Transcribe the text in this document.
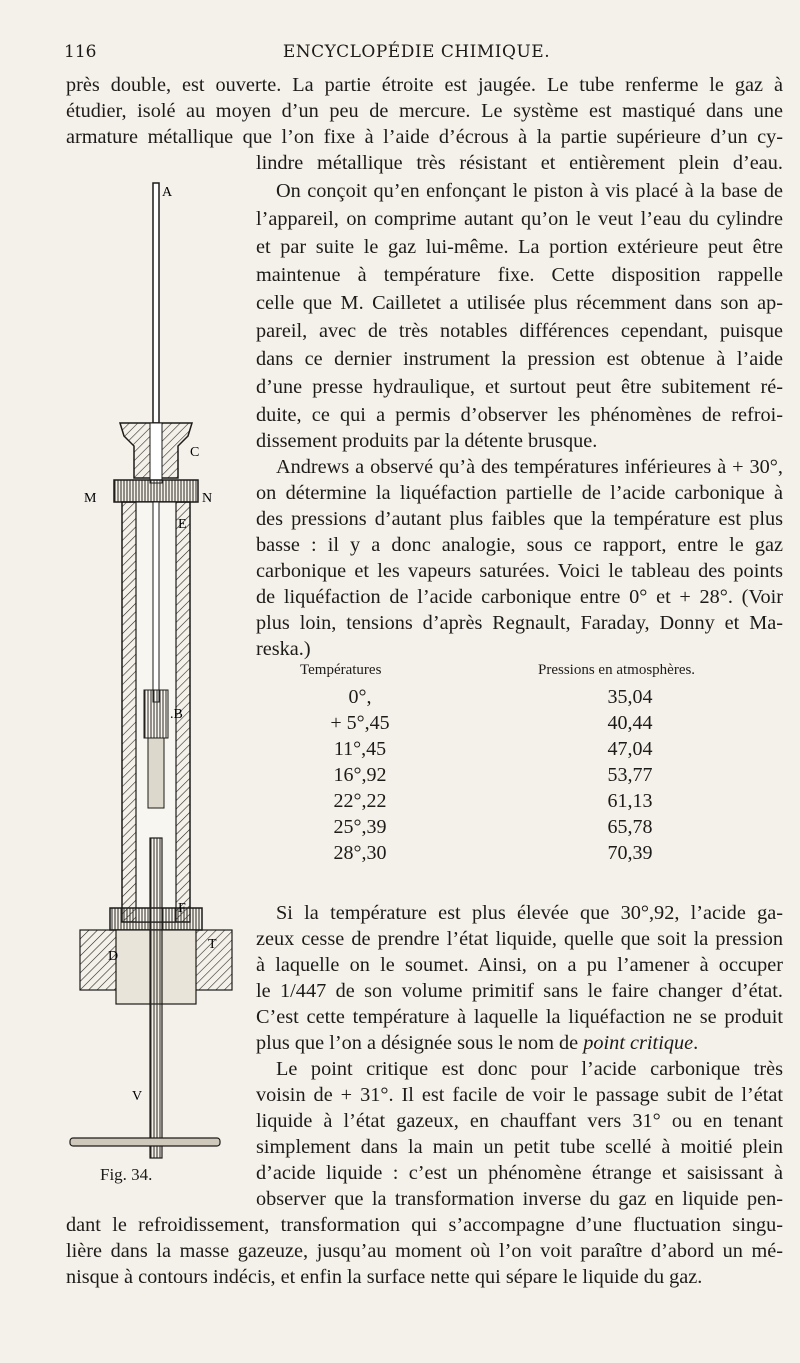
116	ENCYCLOPÉDIE CHIMIQUE.
près double, est ouverte. La partie étroite est jaugée. Le tube renferme le gaz à
étudier, isolé au moyen d’un peu de mercure. Le système est mastiqué dans une
armature métallique que l’on fixe à l’aide d’écrous à la partie supérieure d’un cy-
lindre métallique très résistant et entièrement plein d’eau.
On conçoit qu’en enfonçant le piston à vis placé à la base de
l’appareil, on comprime autant qu’on le veut l’eau du cylindre
et par suite le gaz lui-même. La portion extérieure peut être
maintenue à température fixe. Cette disposition rappelle
celle que M. Cailletet a utilisée plus récemment dans son ap-
pareil, avec de très notables différences cependant, puisque
dans ce dernier instrument la pression est obtenue à l’aide
d’une presse hydraulique, et surtout peut être subitement ré-
duite, ce qui a permis d’observer les phénomènes de refroi-
dissement produits par la détente brusque.
Andrews a observé qu’à des températures inférieures à + 30°,
on détermine la liquéfaction partielle de l’acide carbonique à
des pressions d’autant plus faibles que la température est plus
basse : il y a donc analogie, sous ce rapport, entre le gaz
carbonique et les vapeurs saturées. Voici le tableau des points
de liquéfaction de l’acide carbonique entre 0° et + 28°. (Voir
plus loin, tensions d’après Regnault, Faraday, Donny et Ma-
reska.)
Températures	Pressions en atmosphères.
0°,	35,04
+ 5°,45	40,44
11°,45	47,04
16°,92	53,77
22°,22	61,13
25°,39	65,78
28°,30	70,39
Si la température est plus élevée que 30°,92, l’acide ga-
zeux cesse de prendre l’état liquide, quelle que soit la pression
à laquelle on le soumet. Ainsi, on a pu l’amener à occuper
le 1/447 de son volume primitif sans le faire changer d’état.
C’est cette température à laquelle la liquéfaction ne se produit
plus que l’on a désignée sous le nom de point critique.
Le point critique est donc pour l’acide carbonique très
voisin de + 31°. Il est facile de voir le passage subit de l’état
liquide à l’état gazeux, en chauffant vers 31° ou en tenant
simplement dans la main un petit tube scellé à moitié plein
d’acide liquide : c’est un phénomène étrange et saisissant à
observer que la transformation inverse du gaz en liquide pen-
dant le refroidissement, transformation qui s’accompagne d’une fluctuation singu-
lière dans la masse gazeuze, jusqu’au moment où l’on voit paraître d’abord un mé-
nisque à contours indécis, et enfin la surface nette qui sépare le liquide du gaz.
A
C
M	N
E
.B
F
D
T
V
Fig. 34.
